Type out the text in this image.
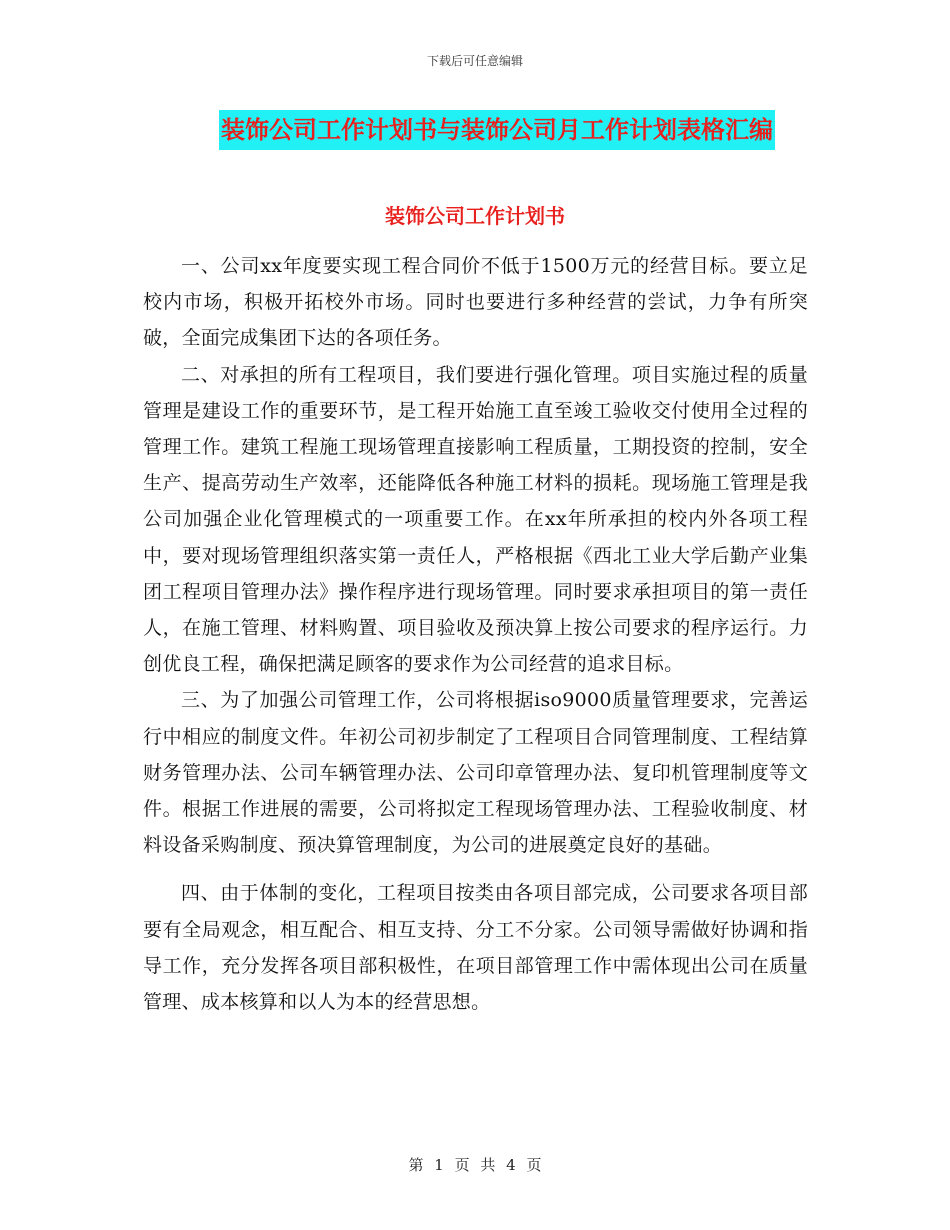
下载后可任意编辑
装饰公司工作计划书与装饰公司月工作计划表格汇编
装饰公司工作计划书

一、公司xx年度要实现工程合同价不低于1500万元的经营目标。要立足校内市场，积极开拓校外市场。同时也要进行多种经营的尝试，力争有所突破，全面完成集团下达的各项任务。

二、对承担的所有工程项目，我们要进行强化管理。项目实施过程的质量管理是建设工作的重要环节，是工程开始施工直至竣工验收交付使用全过程的管理工作。建筑工程施工现场管理直接影响工程质量，工期投资的控制，安全生产、提高劳动生产效率，还能降低各种施工材料的损耗。现场施工管理是我公司加强企业化管理模式的一项重要工作。在xx年所承担的校内外各项工程中，要对现场管理组织落实第一责任人，严格根据《西北工业大学后勤产业集团工程项目管理办法》操作程序进行现场管理。同时要求承担项目的第一责任人，在施工管理、材料购置、项目验收及预决算上按公司要求的程序运行。力创优良工程，确保把满足顾客的要求作为公司经营的追求目标。

三、为了加强公司管理工作，公司将根据iso9000质量管理要求，完善运行中相应的制度文件。年初公司初步制定了工程项目合同管理制度、工程结算财务管理办法、公司车辆管理办法、公司印章管理办法、复印机管理制度等文件。根据工作进展的需要，公司将拟定工程现场管理办法、工程验收制度、材料设备采购制度、预决算管理制度，为公司的进展奠定良好的基础。

四、由于体制的变化，工程项目按类由各项目部完成，公司要求各项目部要有全局观念，相互配合、相互支持、分工不分家。公司领导需做好协调和指导工作，充分发挥各项目部积极性，在项目部管理工作中需体现出公司在质量管理、成本核算和以人为本的经营思想。

第 1 页 共 4 页
